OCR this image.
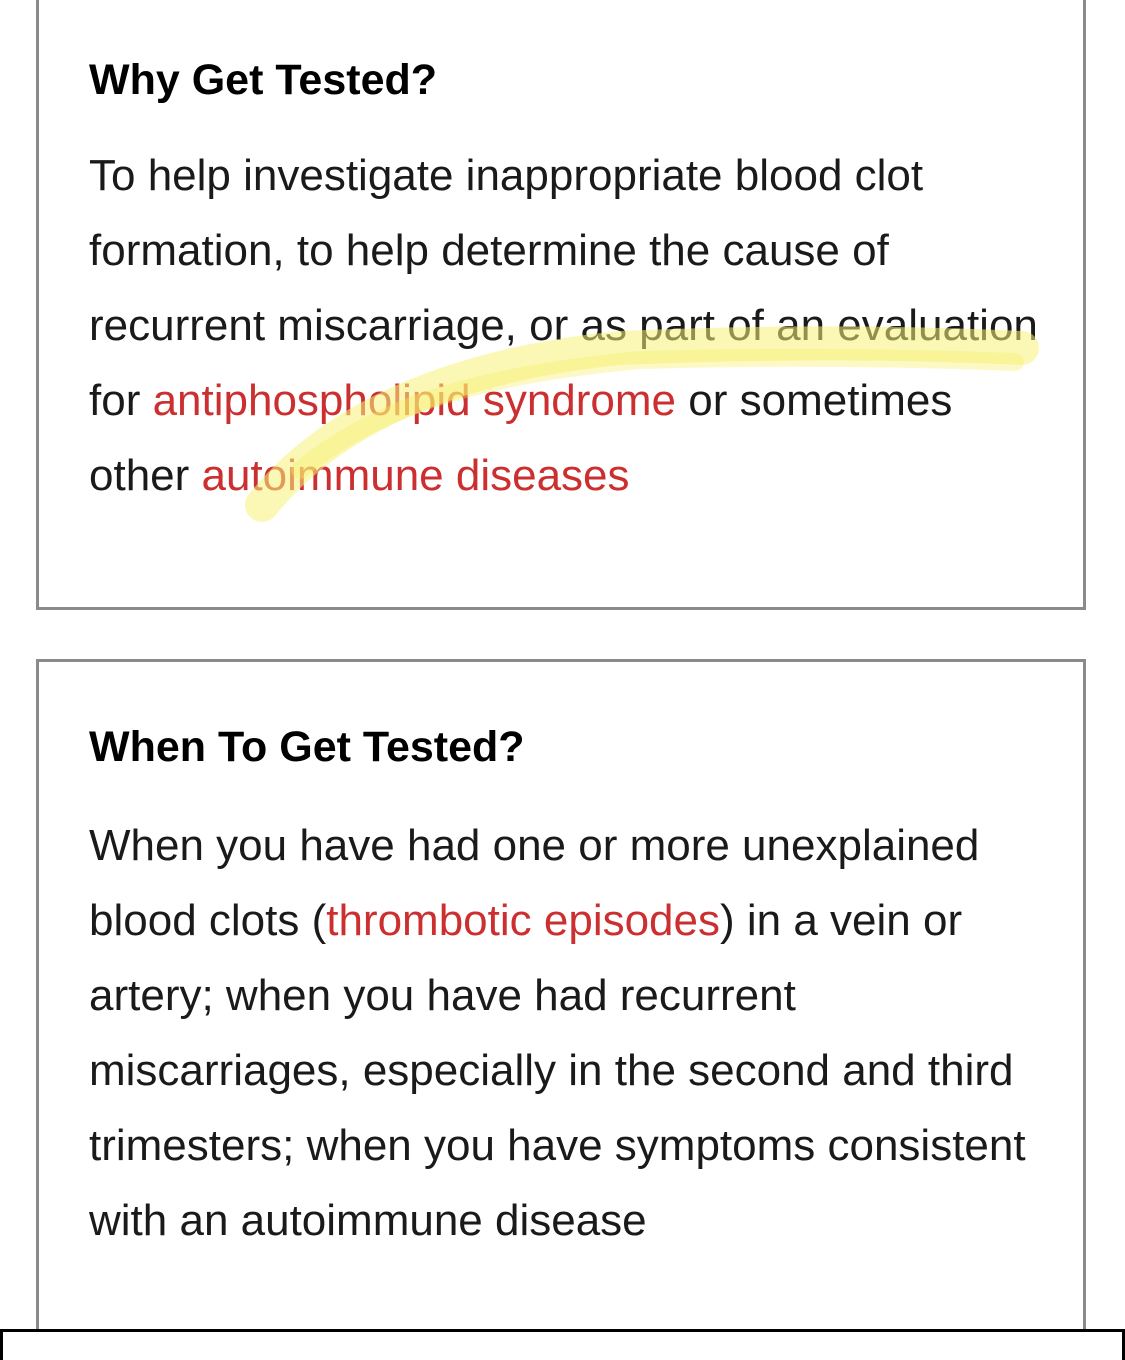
Why Get Tested?

To help investigate inappropriate blood clot formation, to help determine the cause of recurrent miscarriage, or as part of an evaluation for antiphospholipid syndrome or sometimes other autoimmune diseases

When To Get Tested?

When you have had one or more unexplained blood clots (thrombotic episodes) in a vein or artery; when you have had recurrent miscarriages, especially in the second and third trimesters; when you have symptoms consistent with an autoimmune disease
